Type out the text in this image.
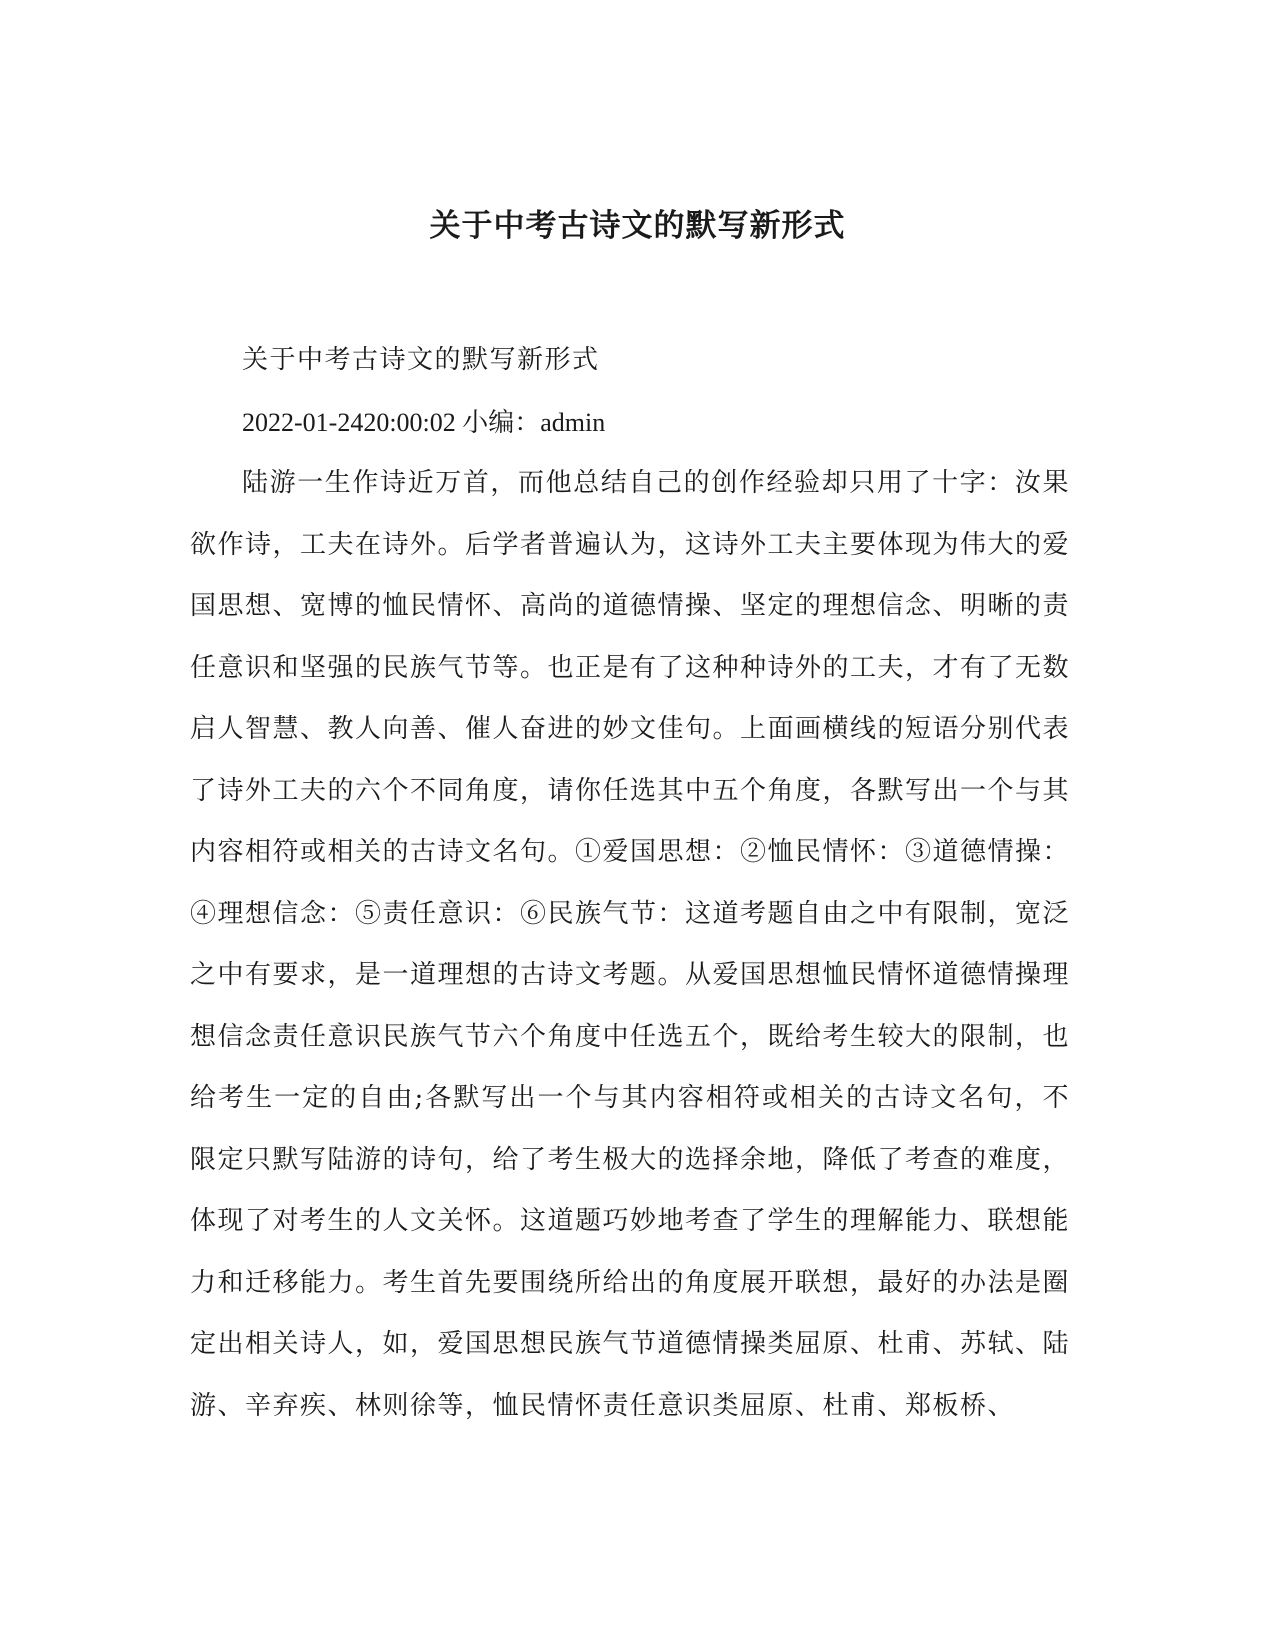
关于中考古诗文的默写新形式

关于中考古诗文的默写新形式

2022-01-2420:00:02 小编：admin

陆游一生作诗近万首，而他总结自己的创作经验却只用了十字：汝果欲作诗，工夫在诗外。后学者普遍认为，这诗外工夫主要体现为伟大的爱国思想、宽博的恤民情怀、高尚的道德情操、坚定的理想信念、明晰的责任意识和坚强的民族气节等。也正是有了这种种诗外的工夫，才有了无数启人智慧、教人向善、催人奋进的妙文佳句。上面画横线的短语分别代表了诗外工夫的六个不同角度，请你任选其中五个角度，各默写出一个与其内容相符或相关的古诗文名句。①爱国思想：②恤民情怀：③道德情操：④理想信念：⑤责任意识：⑥民族气节：这道考题自由之中有限制，宽泛之中有要求，是一道理想的古诗文考题。从爱国思想恤民情怀道德情操理想信念责任意识民族气节六个角度中任选五个，既给考生较大的限制，也给考生一定的自由;各默写出一个与其内容相符或相关的古诗文名句，不限定只默写陆游的诗句，给了考生极大的选择余地，降低了考查的难度，体现了对考生的人文关怀。这道题巧妙地考查了学生的理解能力、联想能力和迁移能力。考生首先要围绕所给出的角度展开联想，最好的办法是圈定出相关诗人，如，爱国思想民族气节道德情操类屈原、杜甫、苏轼、陆游、辛弃疾、林则徐等，恤民情怀责任意识类屈原、杜甫、郑板桥、
